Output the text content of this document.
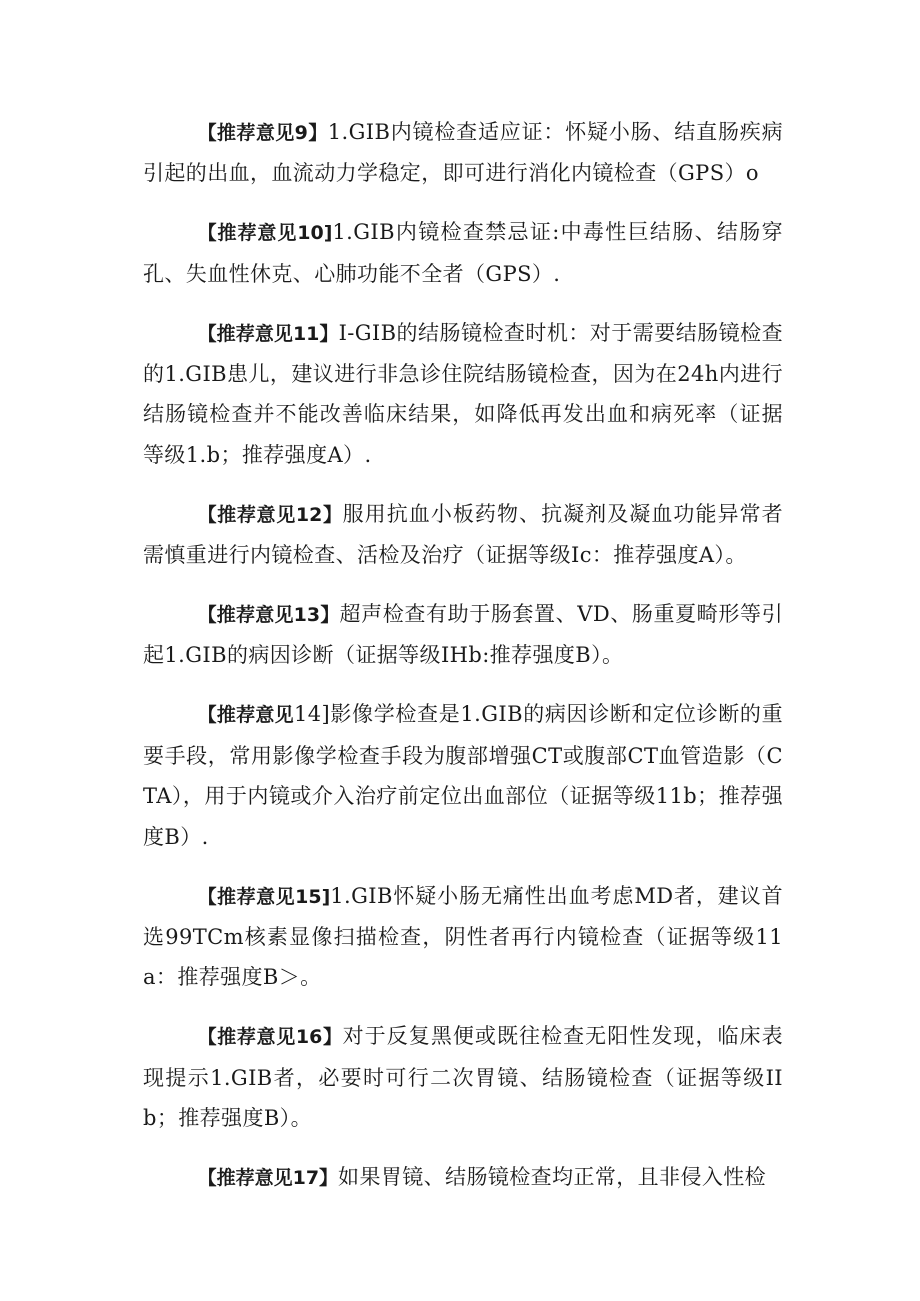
【推荐意见9】1.GIB内镜检查适应证：怀疑小肠、结直肠疾病引起的出血，血流动力学稳定，即可进行消化内镜检查（GPS）o

【推荐意见10]1.GIB内镜检查禁忌证:中毒性巨结肠、结肠穿孔、失血性休克、心肺功能不全者（GPS）.

【推荐意见11】I-GIB的结肠镜检查时机：对于需要结肠镜检查的1.GIB患儿，建议进行非急诊住院结肠镜检查，因为在24h内进行结肠镜检查并不能改善临床结果，如降低再发出血和病死率（证据等级1.b；推荐强度A）.

【推荐意见12】服用抗血小板药物、抗凝剂及凝血功能异常者需慎重进行内镜检查、活检及治疗（证据等级Ic：推荐强度A）。

【推荐意见13】超声检查有助于肠套置、VD、肠重夏畸形等引起1.GIB的病因诊断（证据等级IHb:推荐强度B）。

【推荐意见14]影像学检查是1.GIB的病因诊断和定位诊断的重要手段，常用影像学检查手段为腹部增强CT或腹部CT血管造影（CTA），用于内镜或介入治疗前定位出血部位（证据等级11b；推荐强度B）.

【推荐意见15]1.GIB怀疑小肠无痛性出血考虑MD者，建议首选99TCm核素显像扫描检查，阴性者再行内镜检查（证据等级11a：推荐强度B＞。

【推荐意见16】对于反复黑便或既往检查无阳性发现，临床表现提示1.GIB者，必要时可行二次胃镜、结肠镜检查（证据等级IIb；推荐强度B）。

【推荐意见17】如果胃镜、结肠镜检查均正常，且非侵入性检
